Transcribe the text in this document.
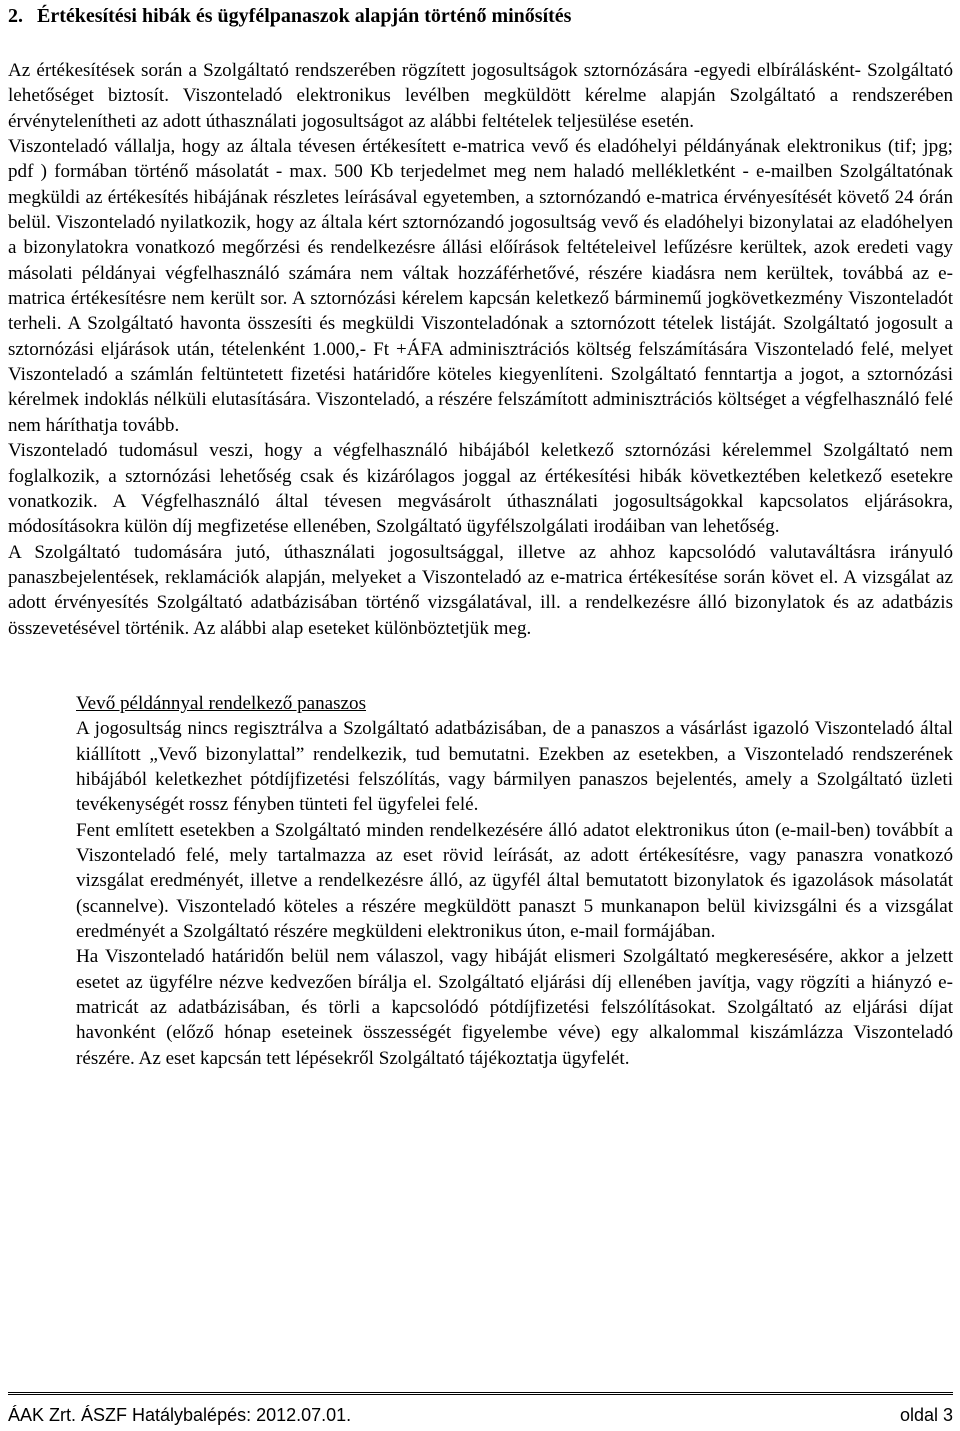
2. Értékesítési hibák és ügyfélpanaszok alapján történő minősítés

Az értékesítések során a Szolgáltató rendszerében rögzített jogosultságok sztornózására -egyedi elbírálásként- Szolgáltató lehetőséget biztosít. Viszonteladó elektronikus levélben megküldött kérelme alapján Szolgáltató a rendszerében érvénytelenítheti az adott úthasználati jogosultságot az alábbi feltételek teljesülése esetén.

Viszonteladó vállalja, hogy az általa tévesen értékesített e-matrica vevő és eladóhelyi példányának elektronikus (tif; jpg; pdf ) formában történő másolatát - max. 500 Kb terjedelmet meg nem haladó mellékletként - e-mailben Szolgáltatónak megküldi az értékesítés hibájának részletes leírásával egyetemben, a sztornózandó e-matrica érvényesítését követő 24 órán belül. Viszonteladó nyilatkozik, hogy az általa kért sztornózandó jogosultság vevő és eladóhelyi bizonylatai az eladóhelyen a bizonylatokra vonatkozó megőrzési és rendelkezésre állási előírások feltételeivel lefűzésre kerültek, azok eredeti vagy másolati példányai végfelhasználó számára nem váltak hozzáférhetővé, részére kiadásra nem kerültek, továbbá az e-matrica értékesítésre nem került sor. A sztornózási kérelem kapcsán keletkező bárminemű jogkövetkezmény Viszonteladót terheli. A Szolgáltató havonta összesíti és megküldi Viszonteladónak a sztornózott tételek listáját. Szolgáltató jogosult a sztornózási eljárások után, tételenként 1.000,- Ft +ÁFA adminisztrációs költség felszámítására Viszonteladó felé, melyet Viszonteladó a számlán feltüntetett fizetési határidőre köteles kiegyenlíteni. Szolgáltató fenntartja a jogot, a sztornózási kérelmek indoklás nélküli elutasítására. Viszonteladó, a részére felszámított adminisztrációs költséget a végfelhasználó felé nem háríthatja tovább.

Viszonteladó tudomásul veszi, hogy a végfelhasználó hibájából keletkező sztornózási kérelemmel Szolgáltató nem foglalkozik, a sztornózási lehetőség csak és kizárólagos joggal az értékesítési hibák következtében keletkező esetekre vonatkozik. A Végfelhasználó által tévesen megvásárolt úthasználati jogosultságokkal kapcsolatos eljárásokra, módosításokra külön díj megfizetése ellenében, Szolgáltató ügyfélszolgálati irodáiban van lehetőség.

A Szolgáltató tudomására jutó, úthasználati jogosultsággal, illetve az ahhoz kapcsolódó valutaváltásra irányuló panaszbejelentések, reklamációk alapján, melyeket a Viszonteladó az e-matrica értékesítése során követ el. A vizsgálat az adott érvényesítés Szolgáltató adatbázisában történő vizsgálatával, ill. a rendelkezésre álló bizonylatok és az adatbázis összevetésével történik. Az alábbi alap eseteket különböztetjük meg.

Vevő példánnyal rendelkező panaszos

A jogosultság nincs regisztrálva a Szolgáltató adatbázisában, de a panaszos a vásárlást igazoló Viszonteladó által kiállított „Vevő bizonylattal” rendelkezik, tud bemutatni. Ezekben az esetekben, a Viszonteladó rendszerének hibájából keletkezhet pótdíjfizetési felszólítás, vagy bármilyen panaszos bejelentés, amely a Szolgáltató üzleti tevékenységét rossz fényben tünteti fel ügyfelei felé.

Fent említett esetekben a Szolgáltató minden rendelkezésére álló adatot elektronikus úton (e-mail-ben) továbbít a Viszonteladó felé, mely tartalmazza az eset rövid leírását, az adott értékesítésre, vagy panaszra vonatkozó vizsgálat eredményét, illetve a rendelkezésre álló, az ügyfél által bemutatott bizonylatok és igazolások másolatát (scannelve). Viszonteladó köteles a részére megküldött panaszt 5 munkanapon belül kivizsgálni és a vizsgálat eredményét a Szolgáltató részére megküldeni elektronikus úton, e-mail formájában.

Ha Viszonteladó határidőn belül nem válaszol, vagy hibáját elismeri Szolgáltató megkeresésére, akkor a jelzett esetet az ügyfélre nézve kedvezően bírálja el. Szolgáltató eljárási díj ellenében javítja, vagy rögzíti a hiányzó e-matricát az adatbázisában, és törli a kapcsolódó pótdíjfizetési felszólításokat. Szolgáltató az eljárási díjat havonként (előző hónap eseteinek összességét figyelembe véve) egy alkalommal kiszámlázza Viszonteladó részére. Az eset kapcsán tett lépésekről Szolgáltató tájékoztatja ügyfelét.

ÁAK Zrt. ÁSZF Hatálybalépés: 2012.07.01.	oldal 3
